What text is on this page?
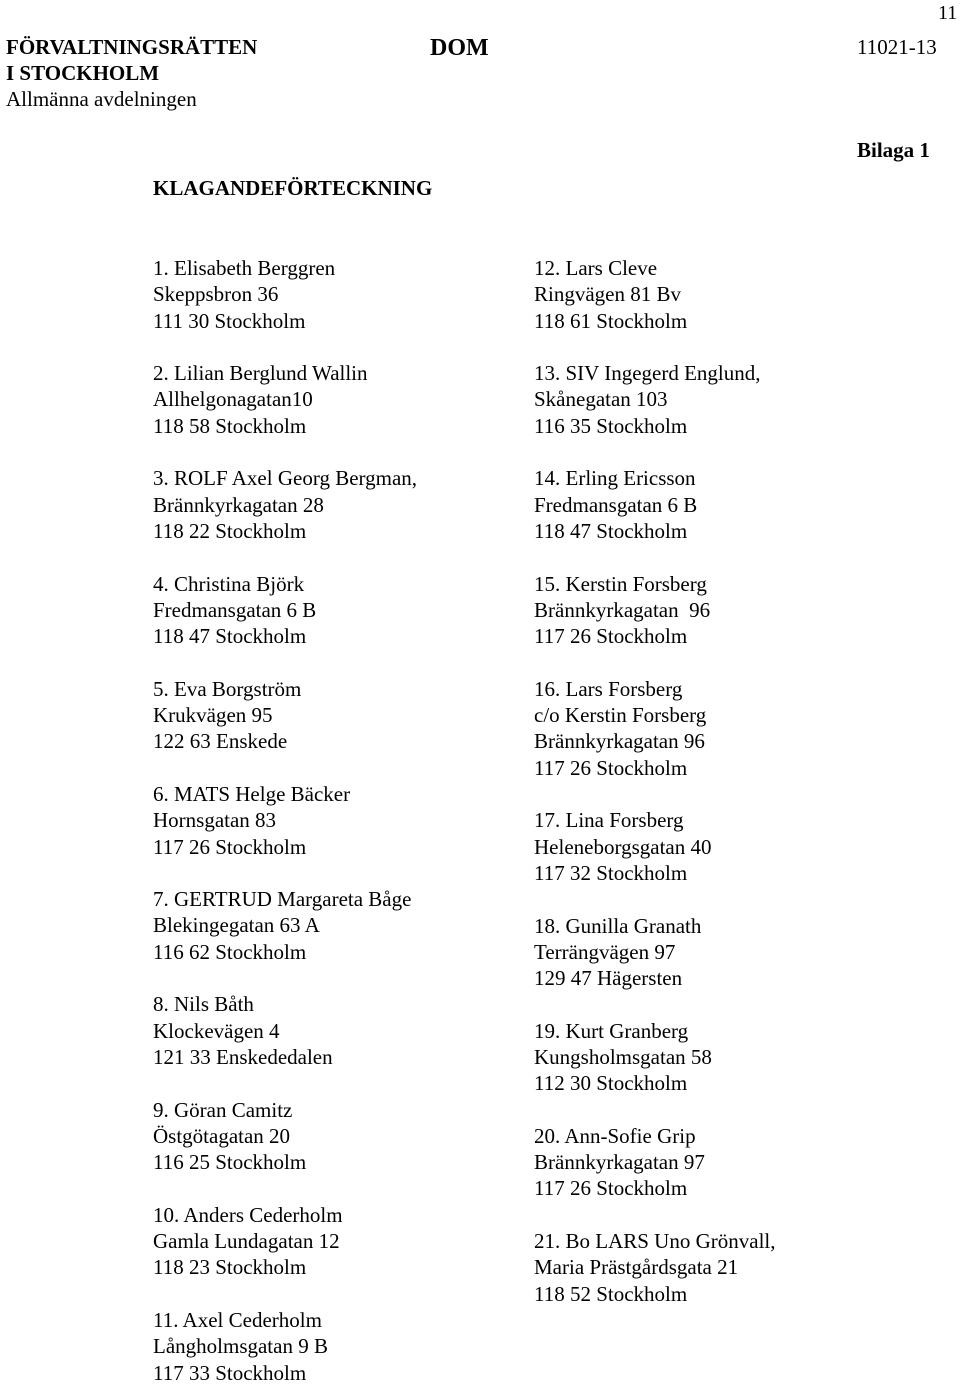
11
FÖRVALTNINGSRÄTTEN
I STOCKHOLM
Allmänna avdelningen
DOM	11021-13
Bilaga 1
KLAGANDEFÖRTECKNING
1. Elisabeth Berggren
Skeppsbron 36
111 30 Stockholm
2. Lilian Berglund Wallin
Allhelgonagatan10
118 58 Stockholm
3. ROLF Axel Georg Bergman,
Brännkyrkagatan 28
118 22 Stockholm
4. Christina Björk
Fredmansgatan 6 B
118 47 Stockholm
5. Eva Borgström
Krukvägen 95
122 63 Enskede
6. MATS Helge Bäcker
Hornsgatan 83
117 26 Stockholm
7. GERTRUD Margareta Båge
Blekingegatan 63 A
116 62 Stockholm
8. Nils Båth
Klockevägen 4
121 33 Enskededalen
9. Göran Camitz
Östgötagatan 20
116 25 Stockholm
10. Anders Cederholm
Gamla Lundagatan 12
118 23 Stockholm
11. Axel Cederholm
Långholmsgatan 9 B
117 33 Stockholm
12. Lars Cleve
Ringvägen 81 Bv
118 61 Stockholm
13. SIV Ingegerd Englund,
Skånegatan 103
116 35 Stockholm
14. Erling Ericsson
Fredmansgatan 6 B
118 47 Stockholm
15. Kerstin Forsberg
Brännkyrkagatan  96
117 26 Stockholm
16. Lars Forsberg
c/o Kerstin Forsberg
Brännkyrkagatan 96
117 26 Stockholm
17. Lina Forsberg
Heleneborgsgatan 40
117 32 Stockholm
18. Gunilla Granath
Terrängvägen 97
129 47 Hägersten
19. Kurt Granberg
Kungsholmsgatan 58
112 30 Stockholm
20. Ann-Sofie Grip
Brännkyrkagatan 97
117 26 Stockholm
21. Bo LARS Uno Grönvall,
Maria Prästgårdsgata 21
118 52 Stockholm
